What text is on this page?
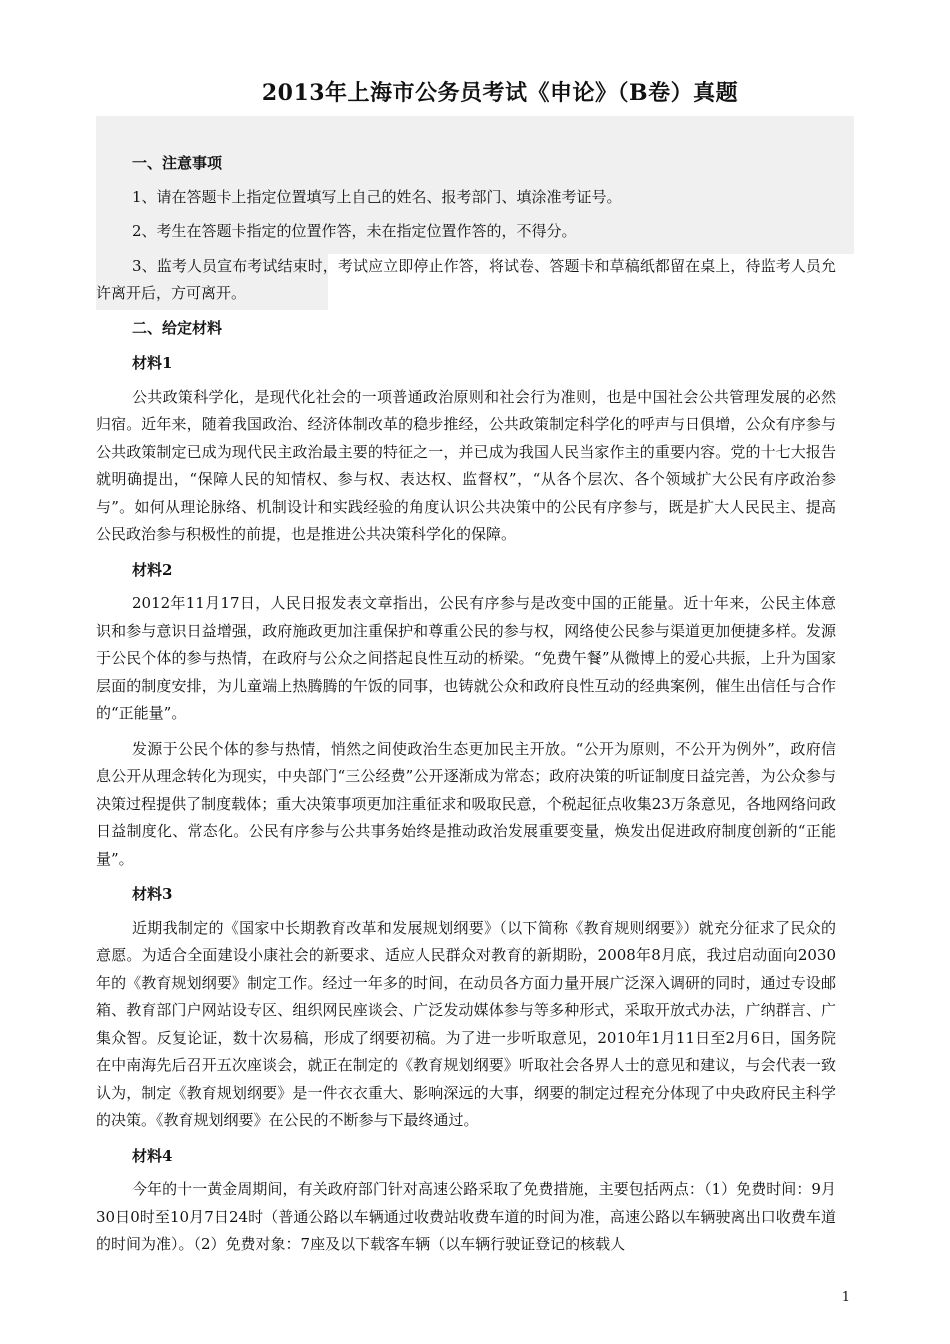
2013年上海市公务员考试《申论》（B卷）真题
一、注意事项

1、请在答题卡上指定位置填写上自己的姓名、报考部门、填涂准考证号。

2、考生在答题卡指定的位置作答，未在指定位置作答的，不得分。

3、监考人员宣布考试结束时，考试应立即停止作答，将试卷、答题卡和草稿纸都留在桌上，待监考人员允许离开后，方可离开。

二、给定材料
材料1

公共政策科学化，是现代化社会的一项普通政治原则和社会行为准则，也是中国社会公共管理发展的必然归宿。近年来，随着我国政治、经济体制改革的稳步推经，公共政策制定科学化的呼声与日俱增，公众有序参与公共政策制定已成为现代民主政治最主要的特征之一，并已成为我国人民当家作主的重要内容。党的十七大报告就明确提出，“保障人民的知情权、参与权、表达权、监督权”，“从各个层次、各个领域扩大公民有序政治参与”。如何从理论脉络、机制设计和实践经验的角度认识公共决策中的公民有序参与，既是扩大人民民主、提高公民政治参与积极性的前提，也是推进公共决策科学化的保障。

材料2

2012年11月17日，人民日报发表文章指出，公民有序参与是改变中国的正能量。近十年来，公民主体意识和参与意识日益增强，政府施政更加注重保护和尊重公民的参与权，网络使公民参与渠道更加便捷多样。发源于公民个体的参与热情，在政府与公众之间搭起良性互动的桥梁。“免费午餐”从微博上的爱心共振，上升为国家层面的制度安排，为儿童端上热腾腾的午饭的同事，也铸就公众和政府良性互动的经典案例，催生出信任与合作的“正能量”。

发源于公民个体的参与热情，悄然之间使政治生态更加民主开放。“公开为原则，不公开为例外”，政府信息公开从理念转化为现实，中央部门“三公经费”公开逐渐成为常态；政府决策的听证制度日益完善，为公众参与决策过程提供了制度载体；重大决策事项更加注重征求和吸取民意，个税起征点收集23万条意见，各地网络问政日益制度化、常态化。公民有序参与公共事务始终是推动政治发展重要变量，焕发出促进政府制度创新的“正能量”。

材料3

近期我制定的《国家中长期教育改革和发展规划纲要》（以下简称《教育规则纲要》）就充分征求了民众的意愿。为适合全面建设小康社会的新要求、适应人民群众对教育的新期盼，2008年8月底，我过启动面向2030年的《教育规划纲要》制定工作。经过一年多的时间，在动员各方面力量开展广泛深入调研的同时，通过专设邮箱、教育部门户网站设专区、组织网民座谈会、广泛发动媒体参与等多种形式，采取开放式办法，广纳群言、广集众智。反复论证，数十次易稿，形成了纲要初稿。为了进一步听取意见，2010年1月11日至2月6日，国务院在中南海先后召开五次座谈会，就正在制定的《教育规划纲要》听取社会各界人士的意见和建议，与会代表一致认为，制定《教育规划纲要》是一件衣衣重大、影响深远的大事，纲要的制定过程充分体现了中央政府民主科学的决策。《教育规划纲要》在公民的不断参与下最终通过。

材料4

今年的十一黄金周期间，有关政府部门针对高速公路采取了免费措施，主要包括两点：（1）免费时间：9月30日0时至10月7日24时（普通公路以车辆通过收费站收费车道的时间为准，高速公路以车辆驶离出口收费车道的时间为准）。（2）免费对象：7座及以下载客车辆（以车辆行驶证登记的核载人

1
